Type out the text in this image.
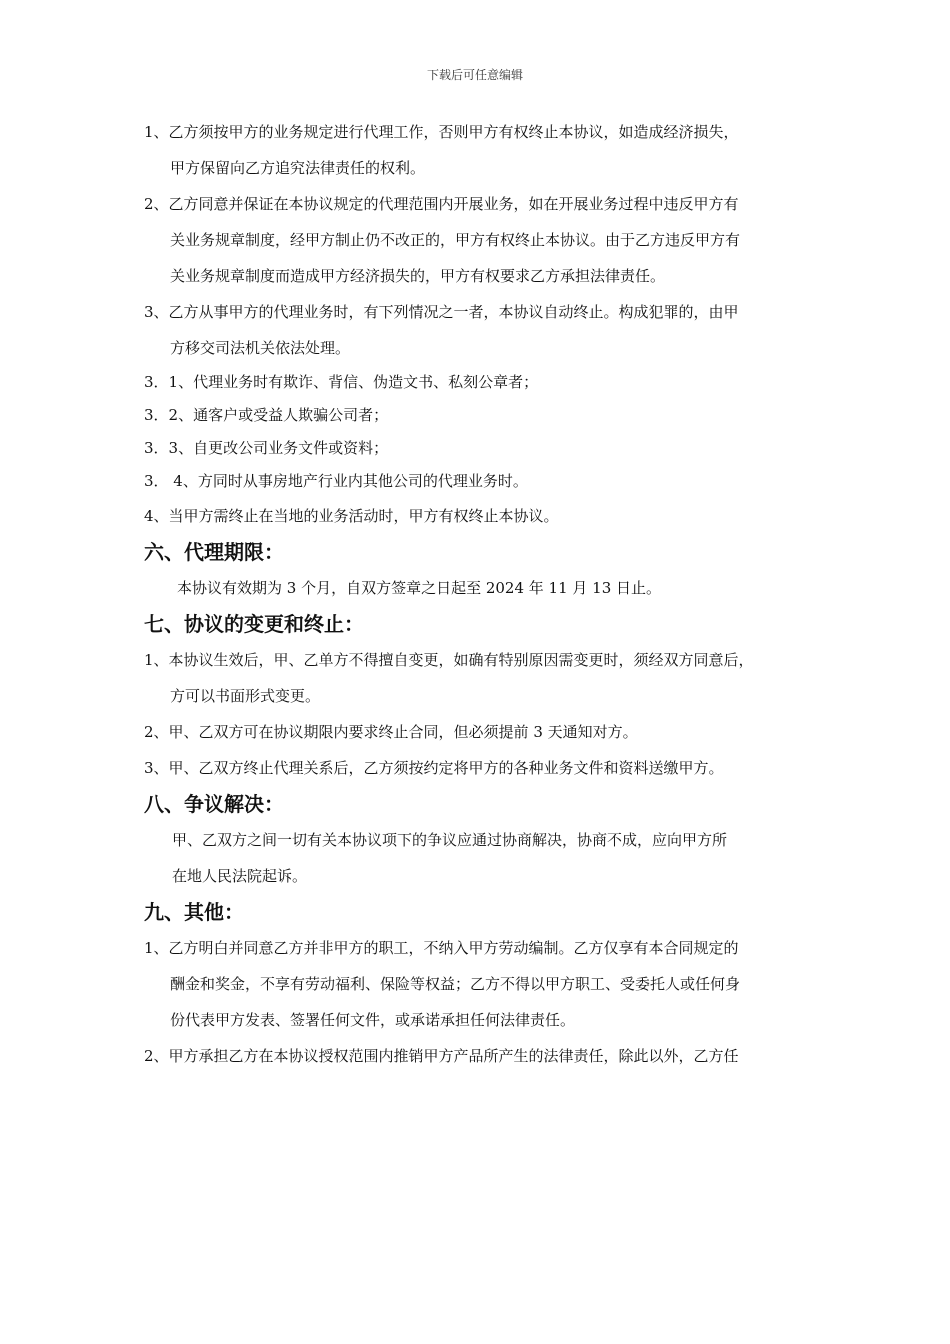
下载后可任意编辑
1、乙方须按甲方的业务规定进行代理工作，否则甲方有权终止本协议，如造成经济损失，
甲方保留向乙方追究法律责任的权利。
2、乙方同意并保证在本协议规定的代理范围内开展业务，如在开展业务过程中违反甲方有
关业务规章制度，经甲方制止仍不改正的，甲方有权终止本协议。由于乙方违反甲方有
关业务规章制度而造成甲方经济损失的，甲方有权要求乙方承担法律责任。
3、乙方从事甲方的代理业务时，有下列情况之一者，本协议自动终止。构成犯罪的，由甲
方移交司法机关依法处理。
3．1、代理业务时有欺诈、背信、伪造文书、私刻公章者；
3．2、通客户或受益人欺骗公司者；
3．3、自更改公司业务文件或资料；
3． 4、方同时从事房地产行业内其他公司的代理业务时。
4、当甲方需终止在当地的业务活动时，甲方有权终止本协议。
六、代理期限：
本协议有效期为 3 个月，自双方签章之日起至 2024 年 11 月 13 日止。
七、协议的变更和终止：
1、本协议生效后，甲、乙单方不得擅自变更，如确有特别原因需变更时，须经双方同意后，
方可以书面形式变更。
2、甲、乙双方可在协议期限内要求终止合同，但必须提前 3 天通知对方。
3、甲、乙双方终止代理关系后，乙方须按约定将甲方的各种业务文件和资料送缴甲方。
八、争议解决：
甲、乙双方之间一切有关本协议项下的争议应通过协商解决，协商不成，应向甲方所
在地人民法院起诉。
九、其他：
1、乙方明白并同意乙方并非甲方的职工，不纳入甲方劳动编制。乙方仅享有本合同规定的
酬金和奖金，不享有劳动福利、保险等权益；乙方不得以甲方职工、受委托人或任何身
份代表甲方发表、签署任何文件，或承诺承担任何法律责任。
2、甲方承担乙方在本协议授权范围内推销甲方产品所产生的法律责任，除此以外，乙方任
